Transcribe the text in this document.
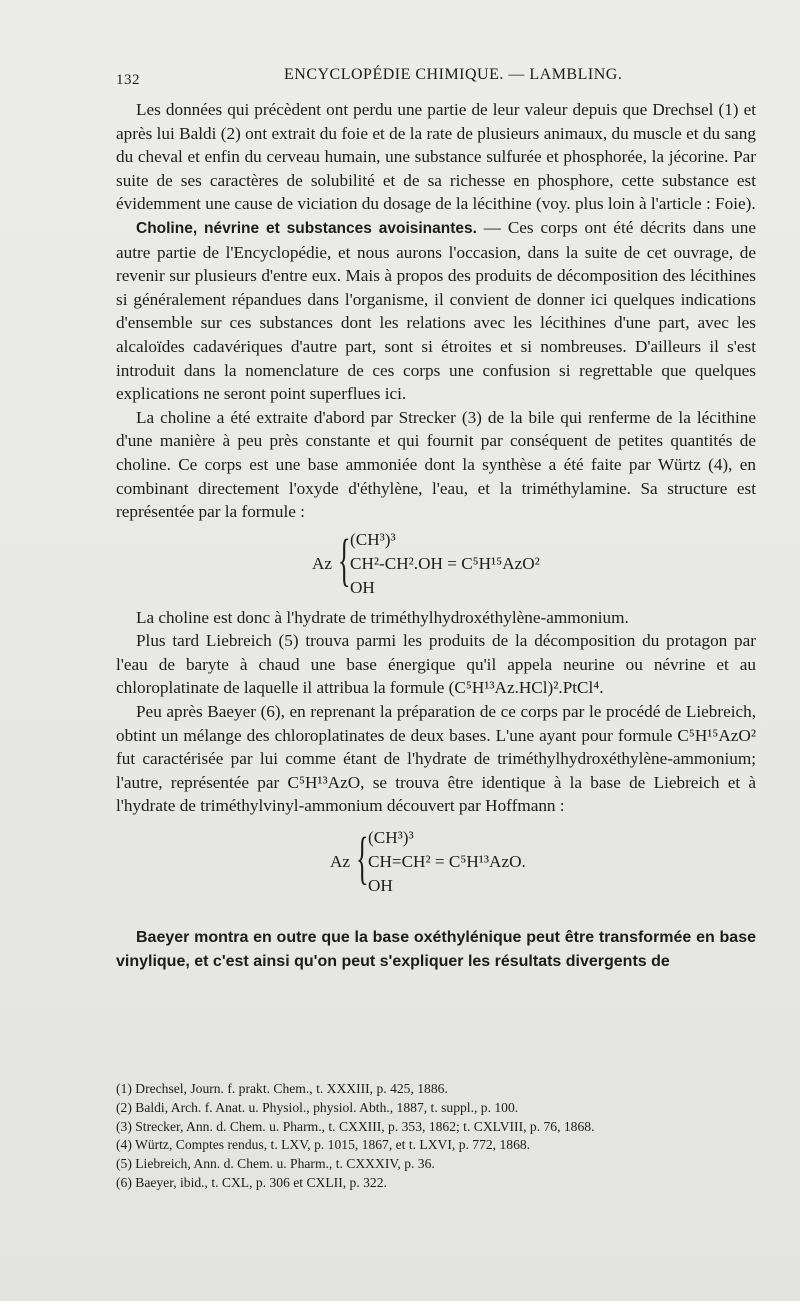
132	ENCYCLOPÉDIE CHIMIQUE. — LAMBLING.

Les données qui précèdent ont perdu une partie de leur valeur depuis que Drechsel (1) et après lui Baldi (2) ont extrait du foie et de la rate de plusieurs animaux, du muscle et du sang du cheval et enfin du cerveau humain, une substance sulfurée et phosphorée, la jécorine. Par suite de ses caractères de solubilité et de sa richesse en phosphore, cette substance est évidemment une cause de viciation du dosage de la lécithine (voy. plus loin à l'article : Foie).

Choline, névrine et substances avoisinantes. — Ces corps ont été décrits dans une autre partie de l'Encyclopédie, et nous aurons l'occasion, dans la suite de cet ouvrage, de revenir sur plusieurs d'entre eux. Mais à propos des produits de décomposition des lécithines si généralement répandues dans l'organisme, il convient de donner ici quelques indications d'ensemble sur ces substances dont les relations avec les lécithines d'une part, avec les alcaloïdes cadavériques d'autre part, sont si étroites et si nombreuses. D'ailleurs il s'est introduit dans la nomenclature de ces corps une confusion si regrettable que quelques explications ne seront point superflues ici.

La choline a été extraite d'abord par Strecker (3) de la bile qui renferme de la lécithine d'une manière à peu près constante et qui fournit par conséquent de petites quantités de choline. Ce corps est une base ammoniée dont la synthèse a été faite par Würtz (4), en combinant directement l'oxyde d'éthylène, l'eau, et la triméthylamine. Sa structure est représentée par la formule :

Az { (CH³)³
CH²-CH².OH = C⁵H¹⁵AzO²
OH

La choline est donc à l'hydrate de triméthylhydroxéthylène-ammonium.

Plus tard Liebreich (5) trouva parmi les produits de la décomposition du protagon par l'eau de baryte à chaud une base énergique qu'il appela neurine ou névrine et au chloroplatinate de laquelle il attribua la formule (C⁵H¹³Az.HCl)².PtCl⁴.

Peu après Baeyer (6), en reprenant la préparation de ce corps par le procédé de Liebreich, obtint un mélange des chloroplatinates de deux bases. L'une ayant pour formule C⁵H¹⁵AzO² fut caractérisée par lui comme étant de l'hydrate de triméthylhydroxéthylène-ammonium; l'autre, représentée par C⁵H¹³AzO, se trouva être identique à la base de Liebreich et à l'hydrate de triméthylvinyl-ammonium découvert par Hoffmann :

Az { (CH³)³
CH=CH² = C⁵H¹³AzO.
OH

Baeyer montra en outre que la base oxéthylénique peut être transformée en base vinylique, et c'est ainsi qu'on peut s'expliquer les résultats divergents de

(1) Drechsel, Journ. f. prakt. Chem., t. XXXIII, p. 425, 1886.
(2) Baldi, Arch. f. Anat. u. Physiol., physiol. Abth., 1887, t. suppl., p. 100.
(3) Strecker, Ann. d. Chem. u. Pharm., t. CXXIII, p. 353, 1862; t. CXLVIII, p. 76, 1868.
(4) Würtz, Comptes rendus, t. LXV, p. 1015, 1867, et t. LXVI, p. 772, 1868.
(5) Liebreich, Ann. d. Chem. u. Pharm., t. CXXXIV, p. 36.
(6) Baeyer, ibid., t. CXL, p. 306 et CXLII, p. 322.
